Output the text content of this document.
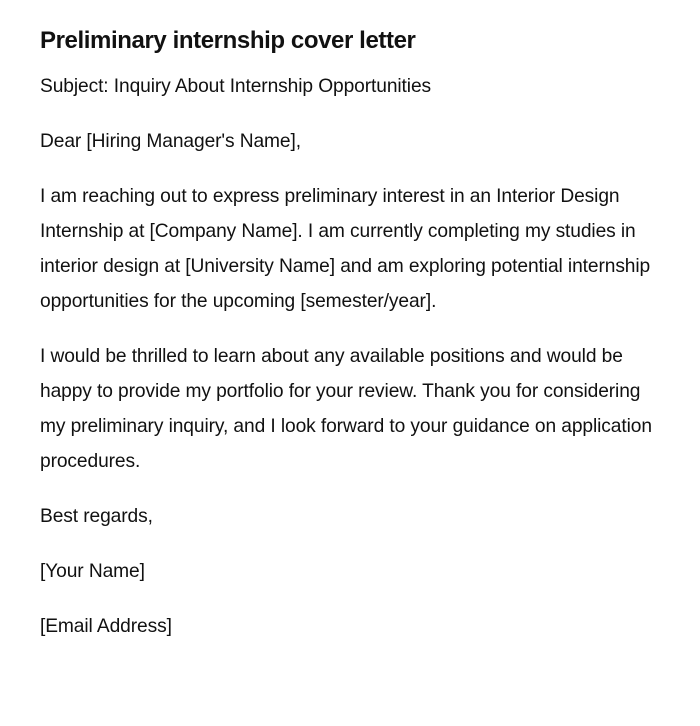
Preliminary internship cover letter

Subject: Inquiry About Internship Opportunities

Dear [Hiring Manager's Name],

I am reaching out to express preliminary interest in an Interior Design Internship at [Company Name]. I am currently completing my studies in interior design at [University Name] and am exploring potential internship opportunities for the upcoming [semester/year].

I would be thrilled to learn about any available positions and would be happy to provide my portfolio for your review. Thank you for considering my preliminary inquiry, and I look forward to your guidance on application procedures.

Best regards,

[Your Name]

[Email Address]
